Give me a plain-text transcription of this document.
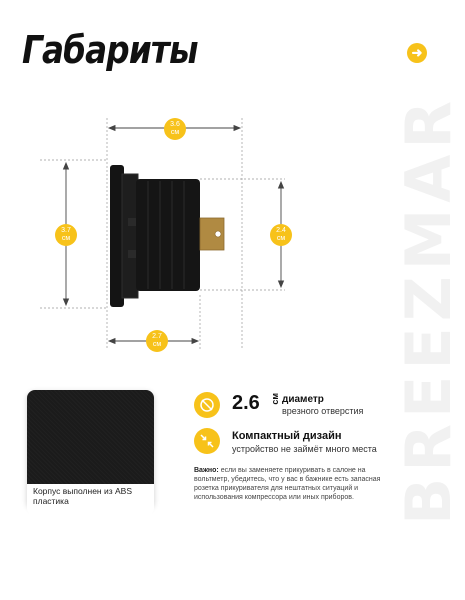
Габариты	➜
BREEZMAR
3.6
см
3.7
см
2.4
см
2.7
см
Корпус выполнен из ABS пластика
2.6 см диаметр
врезного отверстия
Компактный дизайн
устройство не займёт много места
Важно: если вы заменяете прикуривать в салоне на вольтметр, убедитесь, что у вас в бажнике есть запасная розетка прикуривателя для нештатных ситуаций и использования компрессора или иных приборов.
